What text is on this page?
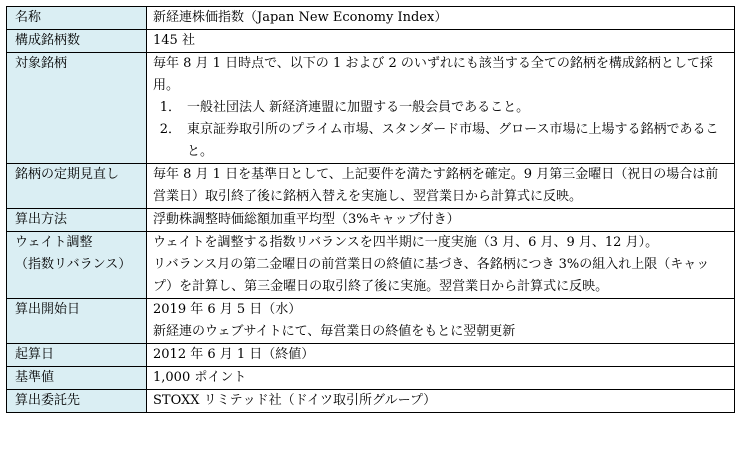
名称	新経連株価指数（Japan New Economy Index）
構成銘柄数	145 社
対象銘柄	毎年 8 月 1 日時点で、以下の 1 および 2 のいずれにも該当する全ての銘柄を構成銘柄として採用。
1． 一般社団法人 新経済連盟に加盟する一般会員であること。
2． 東京証券取引所のプライム市場、スタンダード市場、グロース市場に上場する銘柄であること。

銘柄の定期見直し	毎年 8 月 1 日を基準日として、上記要件を満たす銘柄を確定。9 月第三金曜日（祝日の場合は前営業日）取引終了後に銘柄入替えを実施し、翌営業日から計算式に反映。
算出方法	浮動株調整時価総額加重平均型（3%キャップ付き）

ウェイト調整
（指数リバランス）	ウェイトを調整する指数リバランスを四半期に一度実施（3 月、6 月、9 月、12 月）。
リバランス月の第二金曜日の前営業日の終値に基づき、各銘柄につき 3%の組入れ上限（キャップ）を計算し、第三金曜日の取引終了後に実施。翌営業日から計算式に反映。

算出開始日	2019 年 6 月 5 日（水）
新経連のウェブサイトにて、毎営業日の終値をもとに翌朝更新

起算日	2012 年 6 月 1 日（終値）
基準値	1,000 ポイント
算出委託先	STOXX リミテッド社（ドイツ取引所グループ）
